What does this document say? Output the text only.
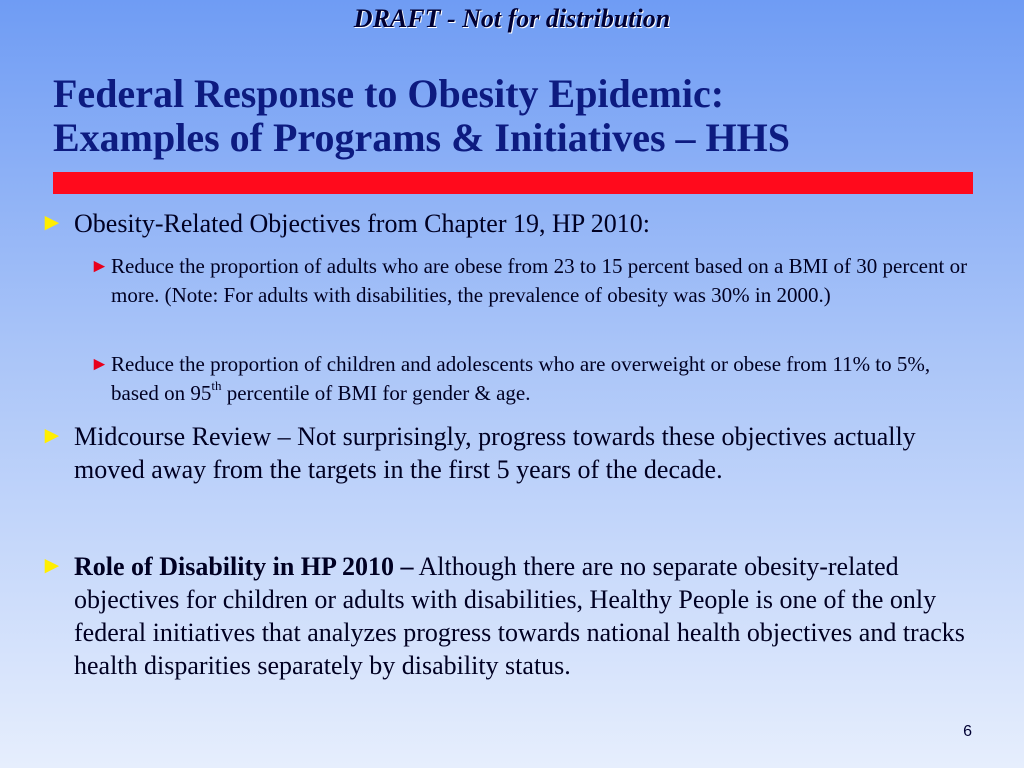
DRAFT - Not for distribution
Federal Response to Obesity Epidemic:
Examples of Programs & Initiatives – HHS
► Obesity-Related Objectives from Chapter 19, HP 2010:
► Reduce the proportion of adults who are obese from 23 to 15 percent based on a BMI of 30 percent or more. (Note: For adults with disabilities, the prevalence of obesity was 30% in 2000.)
► Reduce the proportion of children and adolescents who are overweight or obese from 11% to 5%, based on 95th percentile of BMI for gender & age.
► Midcourse Review – Not surprisingly, progress towards these objectives actually moved away from the targets in the first 5 years of the decade.
► Role of Disability in HP 2010 – Although there are no separate obesity-related objectives for children or adults with disabilities, Healthy People is one of the only federal initiatives that analyzes progress towards national health objectives and tracks health disparities separately by disability status.
6
